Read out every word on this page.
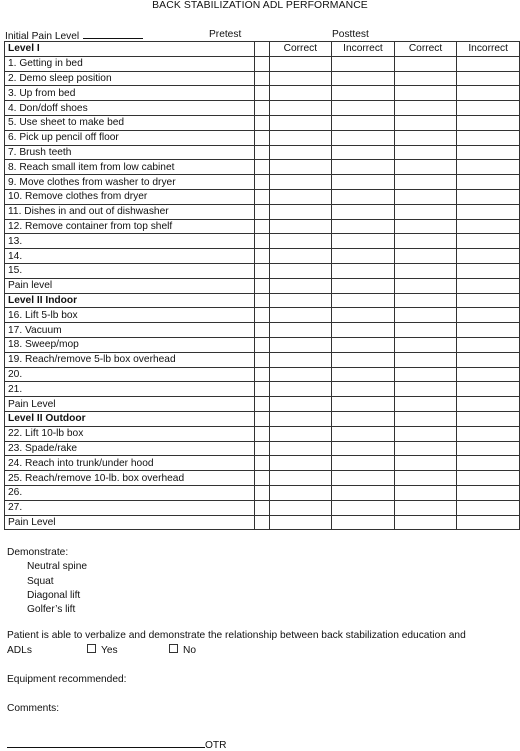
BACK STABILIZATION ADL PERFORMANCE
Initial Pain Level	Pretest	Posttest
Level I		Correct	Incorrect	Correct	Incorrect
1. Getting in bed					
2. Demo sleep position					
3. Up from bed					
4. Don/doff shoes					
5. Use sheet to make bed					
6. Pick up pencil off floor					
7. Brush teeth					
8. Reach small item from low cabinet					
9. Move clothes from washer to dryer					
10. Remove clothes from dryer					
11. Dishes in and out of dishwasher					
12. Remove container from top shelf					
13.					
14.					
15.					
Pain level					
Level II Indoor					
16. Lift 5-lb box					
17. Vacuum					
18. Sweep/mop					
19. Reach/remove 5-lb box overhead					
20.					
21.					
Pain Level					
Level II Outdoor					
22. Lift 10-lb box					
23. Spade/rake					
24. Reach into trunk/under hood					
25. Reach/remove 10-lb. box overhead					
26.					
27.					
Pain Level					
Demonstrate:
Neutral spine
Squat
Diagonal lift
Golfer’s lift
Patient is able to verbalize and demonstrate the relationship between back stabilization education and
ADLs	Yes	No
Equipment recommended:
Comments:
OTR
